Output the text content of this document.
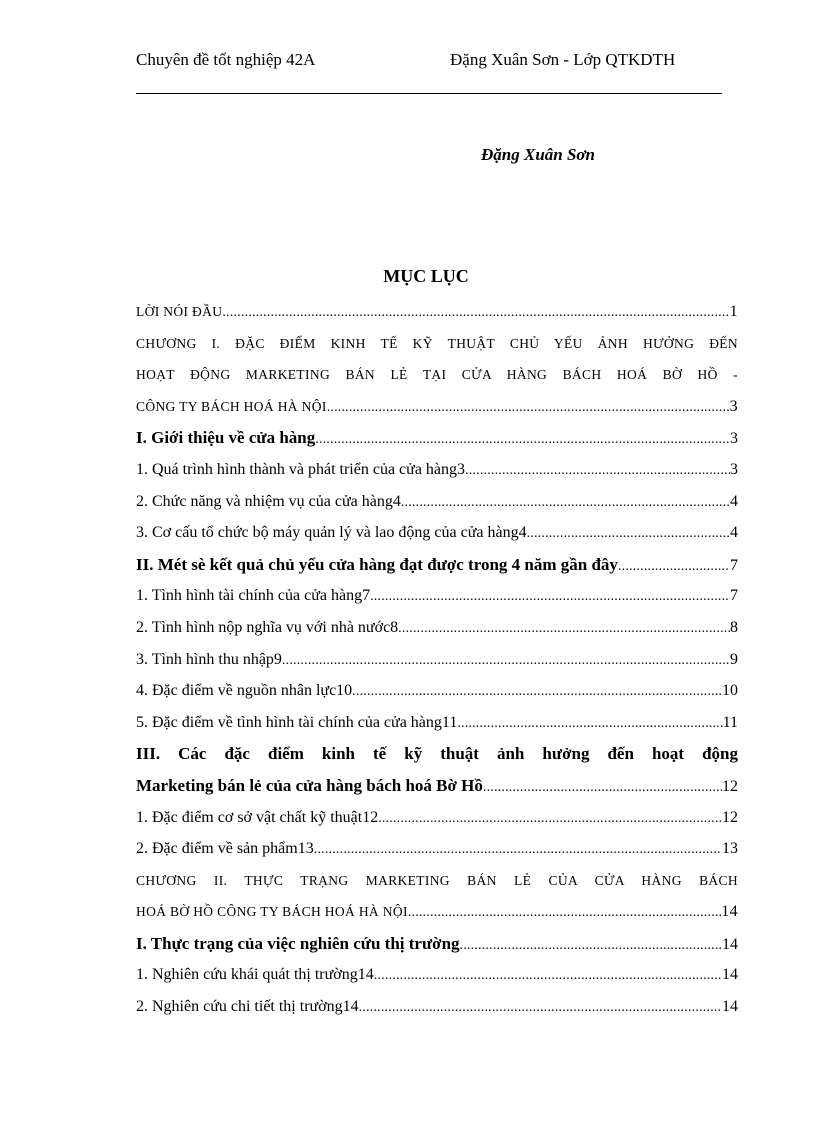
Chuyên đề tốt nghiệp 42A	Đặng Xuân Sơn - Lớp QTKDTH
Đặng Xuân Sơn
MỤC LỤC
LỜI NÓI ĐẦU .....	1
CHƯƠNG I. ĐẶC ĐIỂM KINH TẾ KỸ THUẬT CHỦ YẾU ẢNH HƯỞNG ĐẾN
HOẠT ĐỘNG MARKETING BÁN LẺ TẠI CỬA HÀNG BÁCH HOÁ BỜ HỒ -
CÔNG TY BÁCH HOÁ HÀ NỘI .....	3
I. Giới thiệu về cửa hàng .....	3
1. Quá trình hình thành và phát triển của cửa hàng3 .....	3
2. Chức năng và nhiệm vụ của cửa hàng4 .....	4
3. Cơ cấu tổ chức bộ máy quản lý và lao động của cửa hàng4 .....	4
II. Mét sè kết quả chủ yếu cửa hàng đạt được trong 4 năm gần đây .....	7
1. Tình hình tài chính của cửa hàng7 .....	7
2. Tình hình nộp nghĩa vụ với nhà nước8 .....	8
3. Tình hình thu nhập9 .....	9
4. Đặc điểm về nguồn nhân lực10 .....	10
5. Đặc điểm về tình hình tài chính của cửa hàng11 .....	11
III. Các đặc điểm kinh tế kỹ thuật ảnh hưởng đến hoạt động
Marketing bán lẻ của cửa hàng bách hoá Bờ Hồ .....	12
1. Đặc điểm cơ sở vật chất kỹ thuật12 .....	12
2. Đặc điểm về sản phẩm13 .....	13
CHƯƠNG II. THỰC TRẠNG MARKETING BÁN LẺ CỦA CỬA HÀNG BÁCH
HOÁ BỜ HỒ CÔNG TY BÁCH HOÁ HÀ NỘI .....	14
I. Thực trạng của việc nghiên cứu thị trường .....	14
1. Nghiên cứu khái quát thị trường14 .....	14
2. Nghiên cứu chi tiết thị trường14 .....	14
